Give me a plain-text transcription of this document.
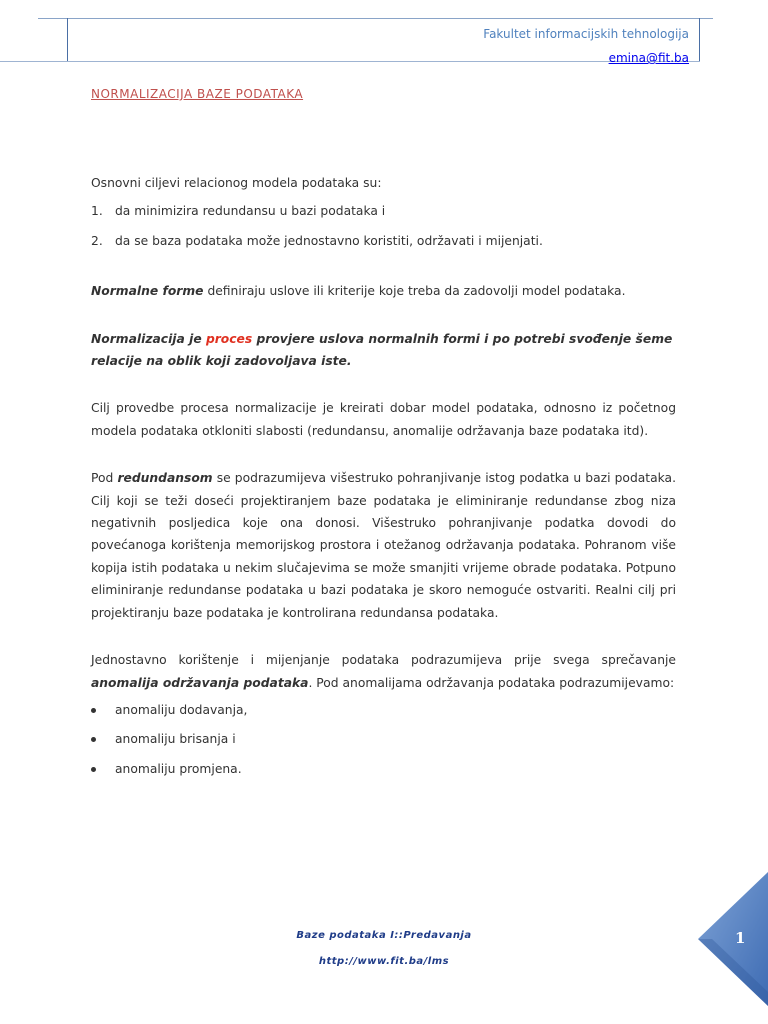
Fakultet informacijskih tehnologija
emina@fit.ba
NORMALIZACIJA BAZE PODATAKA

Osnovni ciljevi relacionog modela podataka su:

1. da minimizira redundansu u bazi podataka i
2. da se baza podataka može jednostavno koristiti, održavati i mijenjati.

Normalne forme definiraju uslove ili kriterije koje treba da zadovolji model podataka.

Normalizacija je proces provjere uslova normalnih formi i po potrebi svođenje šeme relacije na oblik koji zadovoljava iste.

Cilj provedbe procesa normalizacije je kreirati dobar model podataka, odnosno iz početnog modela podataka otkloniti slabosti (redundansu, anomalije održavanja baze podataka itd).

Pod redundansom se podrazumijeva višestruko pohranjivanje istog podatka u bazi podataka. Cilj koji se teži doseći projektiranjem baze podataka je eliminiranje redundanse zbog niza negativnih posljedica koje ona donosi. Višestruko pohranjivanje podatka dovodi do povećanoga korištenja memorijskog prostora i otežanog održavanja podataka. Pohranom više kopija istih podataka u nekim slučajevima se može smanjiti vrijeme obrade podataka. Potpuno eliminiranje redundanse podataka u bazi podataka je skoro nemoguće ostvariti. Realni cilj pri projektiranju baze podataka je kontrolirana redundansa podataka.

Jednostavno korištenje i mijenjanje podataka podrazumijeva prije svega sprečavanje anomalija održavanja podataka. Pod anomalijama održavanja podataka podrazumijevamo:

anomaliju dodavanja,
anomaliju brisanja i
anomaliju promjena.
Baze podataka I::Predavanja
http://www.fit.ba/lms
1
